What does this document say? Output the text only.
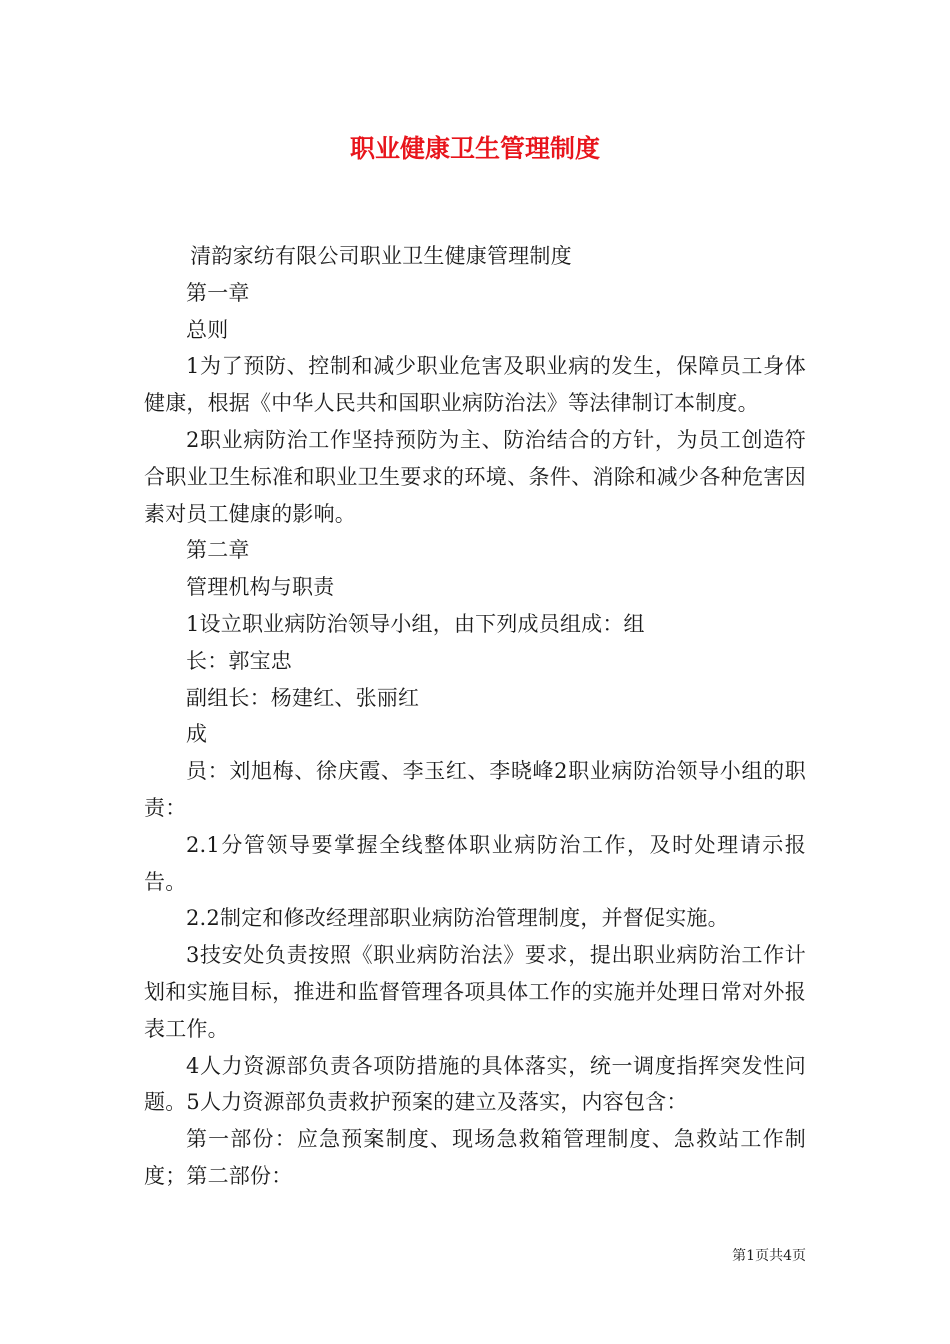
职业健康卫生管理制度

清韵家纺有限公司职业卫生健康管理制度

第一章

总则

1为了预防、控制和减少职业危害及职业病的发生，保障员工身体健康，根据《中华人民共和国职业病防治法》等法律制订本制度。

2职业病防治工作坚持预防为主、防治结合的方针，为员工创造符合职业卫生标准和职业卫生要求的环境、条件、消除和减少各种危害因素对员工健康的影响。

第二章

管理机构与职责

1设立职业病防治领导小组，由下列成员组成：组

长：郭宝忠

副组长：杨建红、张丽红

成

员：刘旭梅、徐庆霞、李玉红、李晓峰2职业病防治领导小组的职责：

2.1分管领导要掌握全线整体职业病防治工作，及时处理请示报告。

2.2制定和修改经理部职业病防治管理制度，并督促实施。

3技安处负责按照《职业病防治法》要求，提出职业病防治工作计划和实施目标，推进和监督管理各项具体工作的实施并处理日常对外报表工作。

4人力资源部负责各项防措施的具体落实，统一调度指挥突发性问题。5人力资源部负责救护预案的建立及落实，内容包含：

第一部份：应急预案制度、现场急救箱管理制度、急救站工作制度；第二部份：

第1页共4页
